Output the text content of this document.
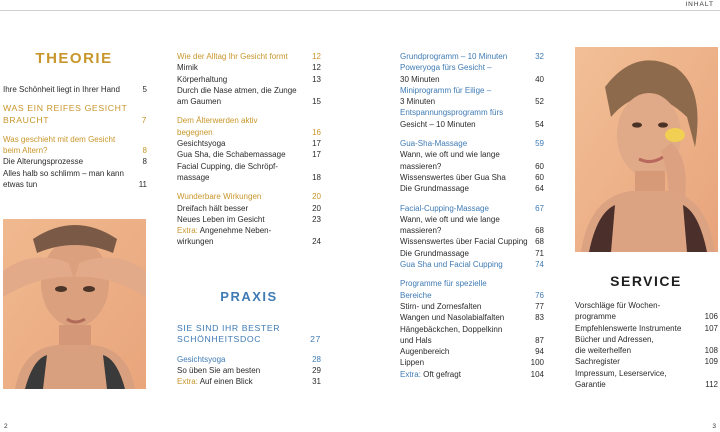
INHALT
THEORIE
PRAXIS
SERVICE
Ihre Schönheit liegt in Ihrer Hand	5
WAS EIN REIFES GESICHT
BRAUCHT	7
Was geschieht mit dem Gesicht
beim Altern?	8
Die Alterungsprozesse	8
Alles halb so schlimm – man kann
etwas tun	11
Wie der Alltag Ihr Gesicht formt	12
Mimik	12
Körperhaltung	13
Durch die Nase atmen, die Zunge
am Gaumen	15
Dem Älterwerden aktiv
begegnen	16
Gesichtsyoga	17
Gua Sha, die Schabemassage	17
Facial Cupping, die Schröpf-
massage	18
Wunderbare Wirkungen	20
Dreifach hält besser	20
Neues Leben im Gesicht	23
Extra: Angenehme Neben-
wirkungen	24
SIE SIND IHR BESTER
SCHÖNHEITSDOC	27
Gesichtsyoga	28
So üben Sie am besten	29
Extra: Auf einen Blick	31
Grundprogramm – 10 Minuten	32
Poweryoga fürs Gesicht –
30 Minuten	40
Miniprogramm für Eilige –
3 Minuten	52
Entspannungsprogramm fürs
Gesicht – 10 Minuten	54
Gua-Sha-Massage	59
Wann, wie oft und wie lange
massieren?	60
Wissenswertes über Gua Sha	60
Die Grundmassage	64
Facial-Cupping-Massage	67
Wann, wie oft und wie lange
massieren?	68
Wissenswertes über Facial Cupping 68
Die Grundmassage	71
Gua Sha und Facial Cupping	74
Programme für spezielle
Bereiche	76
Stirn- und Zornesfalten	77
Wangen und Nasolabialfalten	83
Hängebäckchen, Doppelkinn
und Hals	87
Augenbereich	94
Lippen	100
Extra: Oft gefragt	104
Vorschläge für Wochen-
programme	106
Empfehlenswerte Instrumente	107
Bücher und Adressen,
die weiterhelfen	108
Sachregister	109
Impressum, Leserservice,
Garantie	112
2	3
